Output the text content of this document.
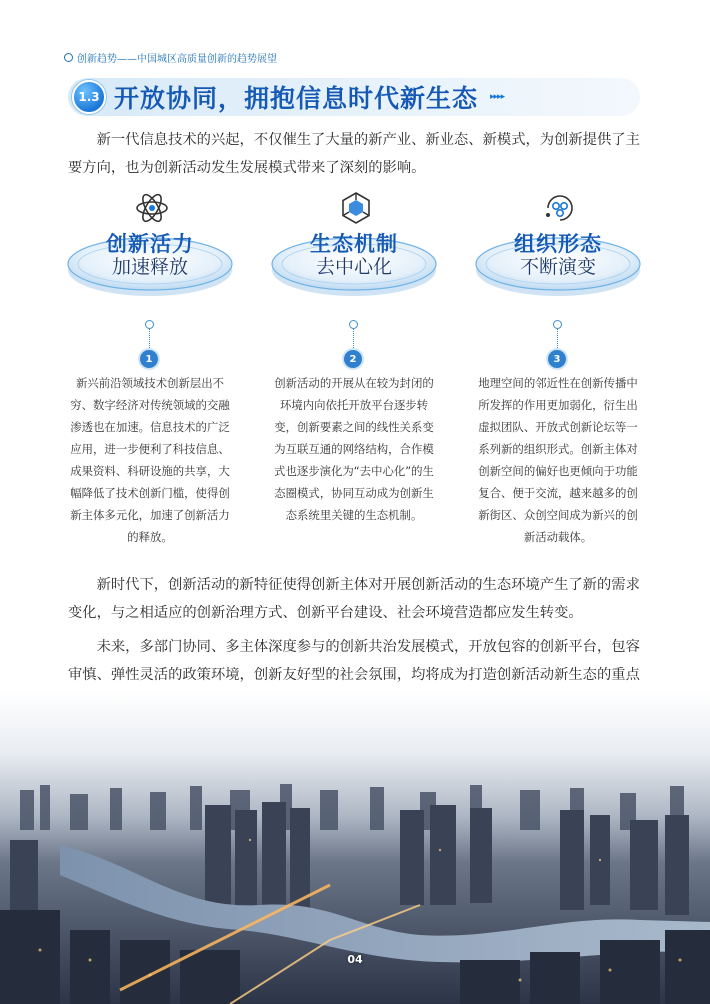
创新趋势——中国城区高质量创新的趋势展望
1.3 开放协同，拥抱信息时代新生态 ▸▸▸▸
新一代信息技术的兴起，不仅催生了大量的新产业、新业态、新模式，为创新提供了主要方向，也为创新活动发生发展模式带来了深刻的影响。
创新活力
加速释放
1
新兴前沿领域技术创新层出不穷、数字经济对传统领域的交融渗透也在加速。信息技术的广泛应用，进一步便利了科技信息、成果资料、科研设施的共享，大幅降低了技术创新门槛，使得创新主体多元化，加速了创新活力的释放。
生态机制
去中心化
2
创新活动的开展从在较为封闭的环境内向依托开放平台逐步转变，创新要素之间的线性关系变为互联互通的网络结构，合作模式也逐步演化为“去中心化”的生态圈模式，协同互动成为创新生态系统里关键的生态机制。
组织形态
不断演变
3
地理空间的邻近性在创新传播中所发挥的作用更加弱化，衍生出虚拟团队、开放式创新论坛等一系列新的组织形式。创新主体对创新空间的偏好也更倾向于功能复合、便于交流，越来越多的创新街区、众创空间成为新兴的创新活动载体。
新时代下，创新活动的新特征使得创新主体对开展创新活动的生态环境产生了新的需求变化，与之相适应的创新治理方式、创新平台建设、社会环境营造都应发生转变。
未来，多部门协同、多主体深度参与的创新共治发展模式，开放包容的创新平台，包容审慎、弹性灵活的政策环境，创新友好型的社会氛围，均将成为打造创新活动新生态的重点
04
